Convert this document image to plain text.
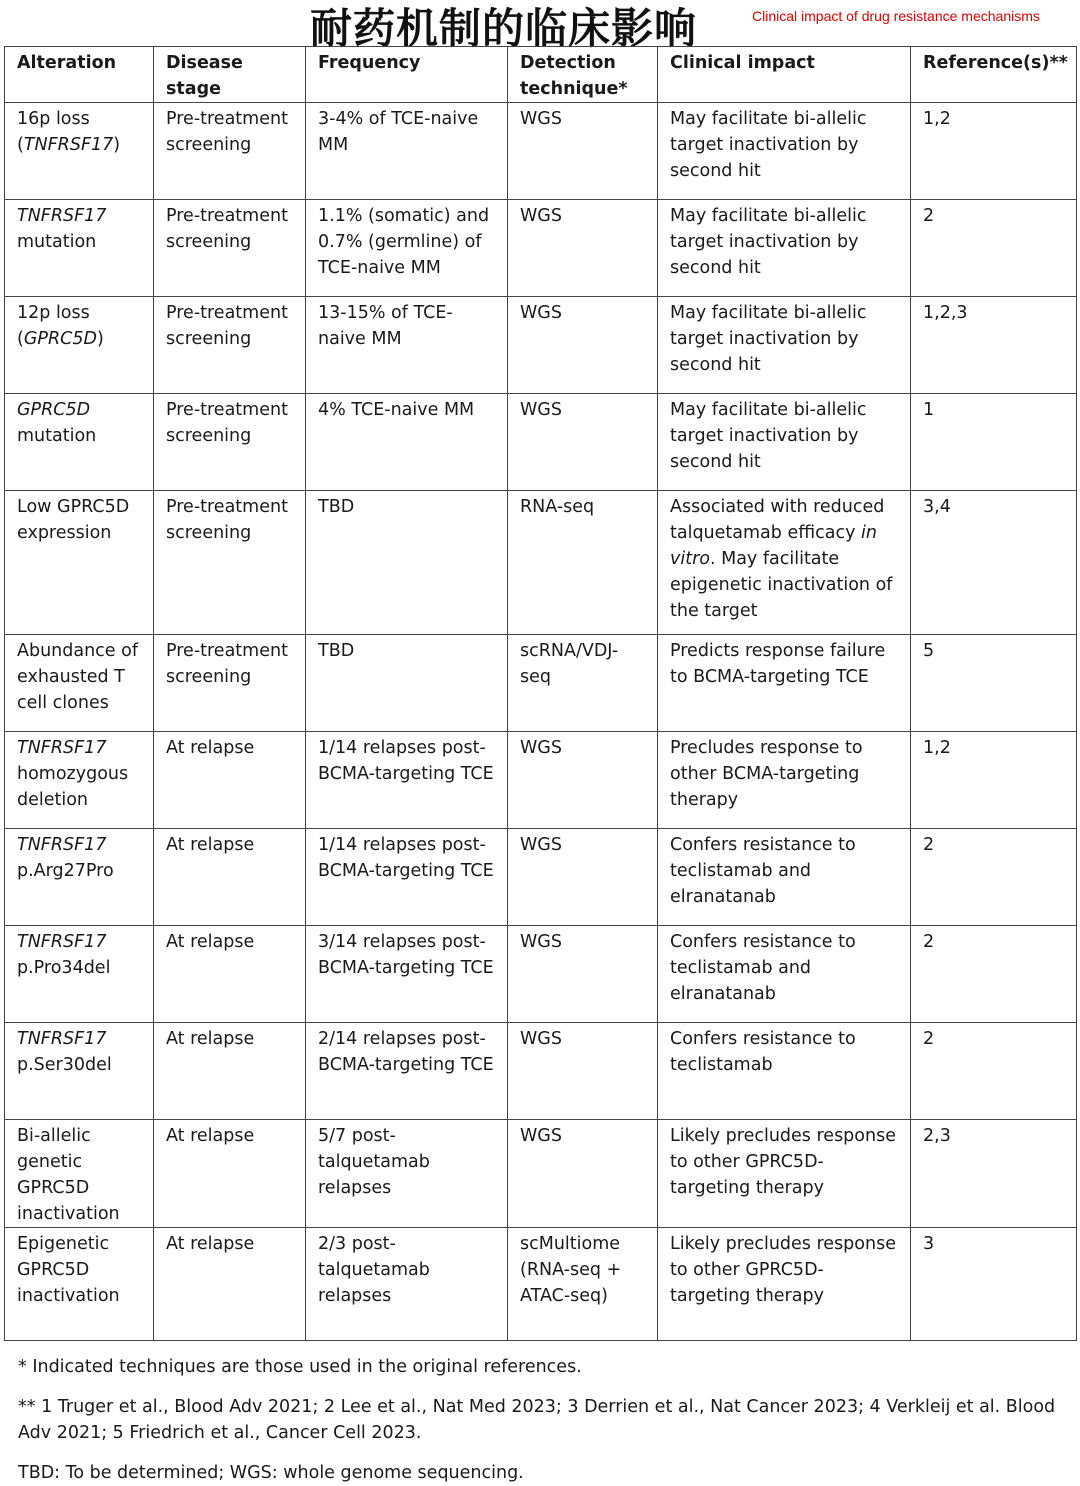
耐药机制的临床影响	Clinical impact of drug resistance mechanisms
Alteration	Disease stage	Frequency	Detection technique*	Clinical impact	Reference(s)**
16p loss (TNFRSF17)	Pre-treatment screening	3-4% of TCE-naive MM	WGS	May facilitate bi-allelic target inactivation by second hit	1,2
TNFRSF17 mutation	Pre-treatment screening	1.1% (somatic) and 0.7% (germline) of TCE-naive MM	WGS	May facilitate bi-allelic target inactivation by second hit	2
12p loss (GPRC5D)	Pre-treatment screening	13-15% of TCE-naive MM	WGS	May facilitate bi-allelic target inactivation by second hit	1,2,3
GPRC5D mutation	Pre-treatment screening	4% TCE-naive MM	WGS	May facilitate bi-allelic target inactivation by second hit	1
Low GPRC5D expression	Pre-treatment screening	TBD	RNA-seq	Associated with reduced talquetamab efficacy in vitro. May facilitate epigenetic inactivation of the target	3,4
Abundance of exhausted T cell clones	Pre-treatment screening	TBD	scRNA/VDJ-seq	Predicts response failure to BCMA-targeting TCE	5
TNFRSF17 homozygous deletion	At relapse	1/14 relapses post-BCMA-targeting TCE	WGS	Precludes response to other BCMA-targeting therapy	1,2
TNFRSF17 p.Arg27Pro	At relapse	1/14 relapses post-BCMA-targeting TCE	WGS	Confers resistance to teclistamab and elranatanab	2
TNFRSF17 p.Pro34del	At relapse	3/14 relapses post-BCMA-targeting TCE	WGS	Confers resistance to teclistamab and elranatanab	2
TNFRSF17 p.Ser30del	At relapse	2/14 relapses post-BCMA-targeting TCE	WGS	Confers resistance to teclistamab	2
Bi-allelic genetic GPRC5D inactivation	At relapse	5/7 post-talquetamab relapses	WGS	Likely precludes response to other GPRC5D-targeting therapy	2,3
Epigenetic GPRC5D inactivation	At relapse	2/3 post-talquetamab relapses	scMultiome (RNA-seq + ATAC-seq)	Likely precludes response to other GPRC5D-targeting therapy	3
* Indicated techniques are those used in the original references.
** 1 Truger et al., Blood Adv 2021; 2 Lee et al., Nat Med 2023; 3 Derrien et al., Nat Cancer 2023; 4 Verkleij et al. Blood Adv 2021; 5 Friedrich et al., Cancer Cell 2023.
TBD: To be determined; WGS: whole genome sequencing.
